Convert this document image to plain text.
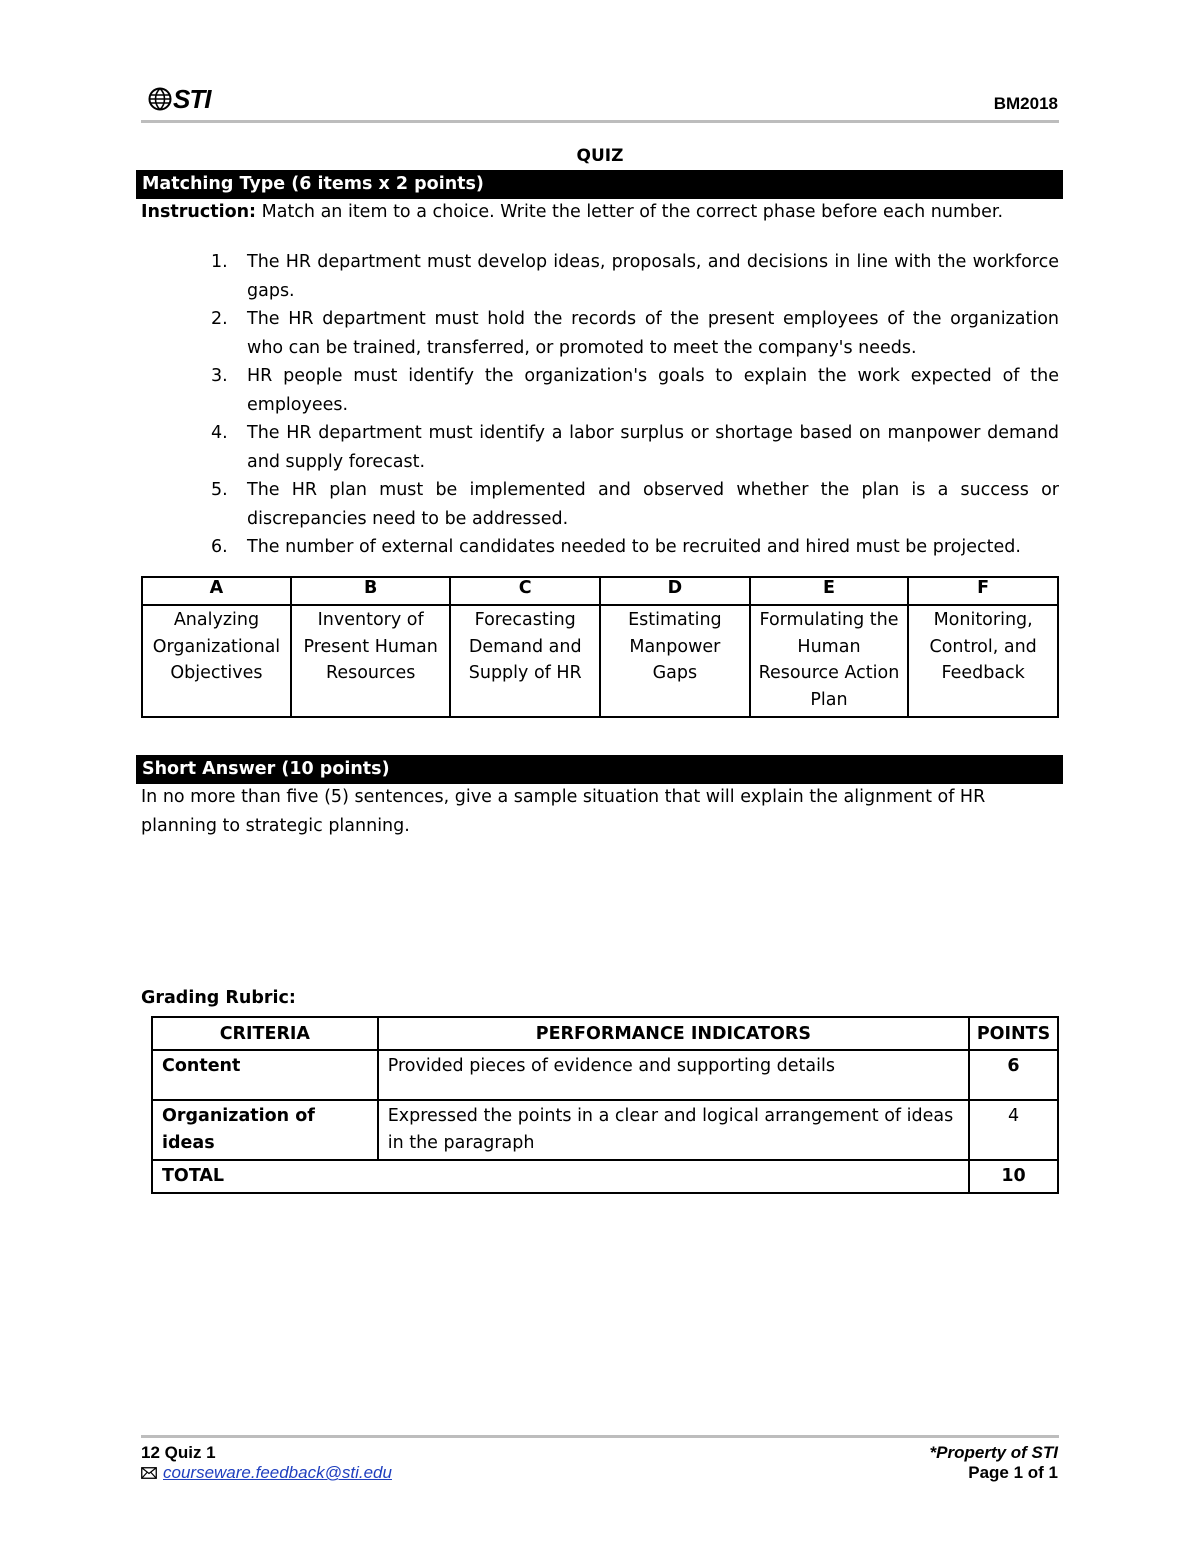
STI	BM2018
QUIZ
Matching Type (6 items x 2 points)
Instruction: Match an item to a choice. Write the letter of the correct phase before each number.
1. The HR department must develop ideas, proposals, and decisions in line with the workforce gaps.
2. The HR department must hold the records of the present employees of the organization who can be trained, transferred, or promoted to meet the company's needs.
3. HR people must identify the organization's goals to explain the work expected of the employees.
4. The HR department must identify a labor surplus or shortage based on manpower demand and supply forecast.
5. The HR plan must be implemented and observed whether the plan is a success or discrepancies need to be addressed.
6. The number of external candidates needed to be recruited and hired must be projected.
A	B	C	D	E	F
Analyzing Organizational Objectives	Inventory of Present Human Resources	Forecasting Demand and Supply of HR	Estimating Manpower Gaps	Formulating the Human Resource Action Plan	Monitoring, Control, and Feedback
Short Answer (10 points)
In no more than five (5) sentences, give a sample situation that will explain the alignment of HR planning to strategic planning.
Grading Rubric:
CRITERIA	PERFORMANCE INDICATORS	POINTS
Content	Provided pieces of evidence and supporting details	6
Organization of ideas	Expressed the points in a clear and logical arrangement of ideas in the paragraph	4
TOTAL		10
12 Quiz 1
courseware.feedback@sti.edu
*Property of STI
Page 1 of 1
